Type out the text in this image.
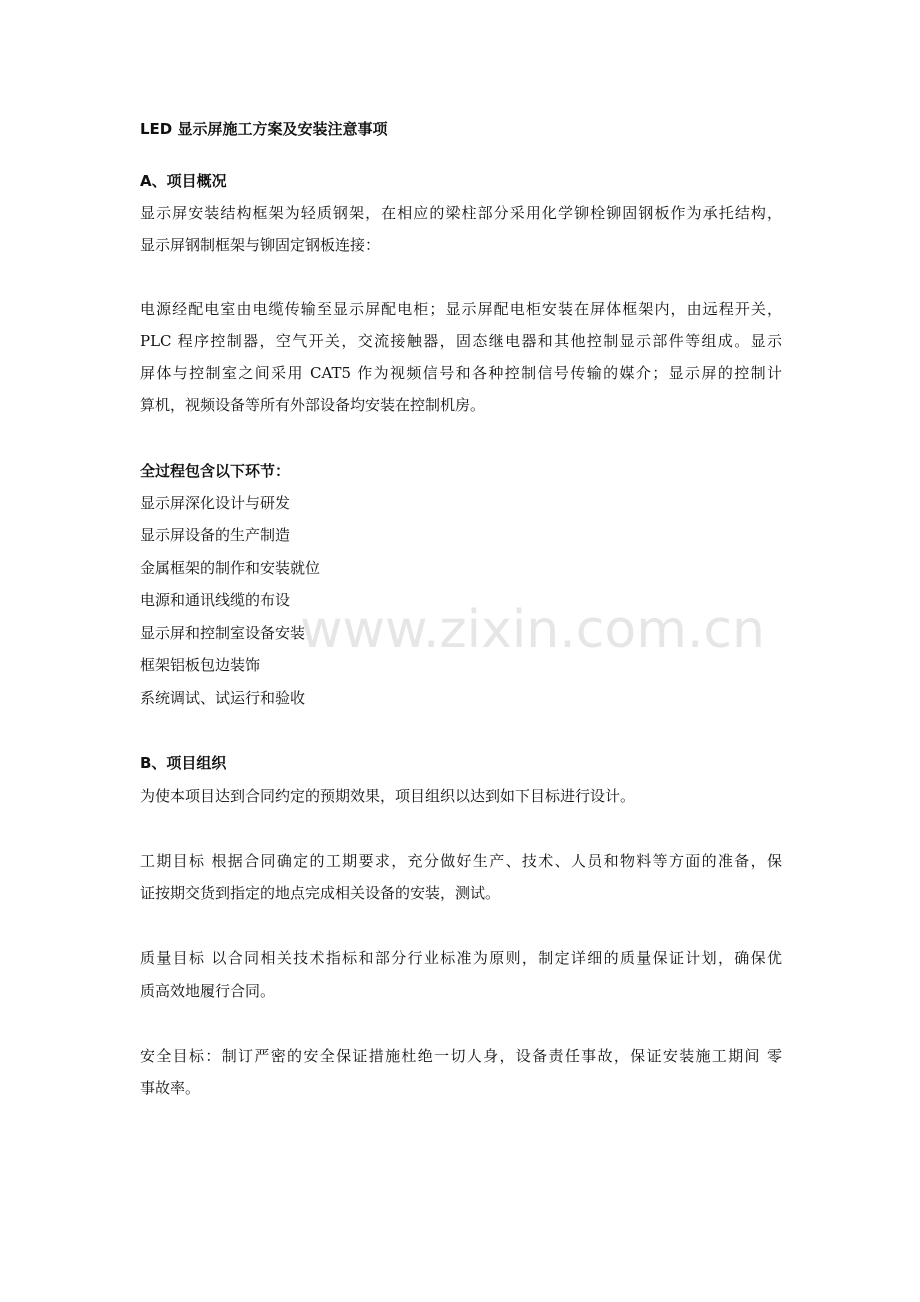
www.zixin.com.cn
LED 显示屏施工方案及安装注意事项
A、项目概况
显示屏安装结构框架为轻质钢架，在相应的梁柱部分采用化学铆栓铆固钢板作为承托结构，
显示屏钢制框架与铆固定钢板连接：
电源经配电室由电缆传输至显示屏配电柜；显示屏配电柜安装在屏体框架内，由远程开关，
PLC 程序控制器，空气开关，交流接触器，固态继电器和其他控制显示部件等组成。显示
屏体与控制室之间采用 CAT5 作为视频信号和各种控制信号传输的媒介；显示屏的控制计
算机，视频设备等所有外部设备均安装在控制机房。
全过程包含以下环节：
显示屏深化设计与研发
显示屏设备的生产制造
金属框架的制作和安装就位
电源和通讯线缆的布设
显示屏和控制室设备安装
框架铝板包边装饰
系统调试、试运行和验收
B、项目组织
为使本项目达到合同约定的预期效果，项目组织以达到如下目标进行设计。
工期目标 根据合同确定的工期要求，充分做好生产、技术、人员和物料等方面的准备，保
证按期交货到指定的地点完成相关设备的安装，测试。
质量目标 以合同相关技术指标和部分行业标准为原则，制定详细的质量保证计划，确保优
质高效地履行合同。
安全目标：制订严密的安全保证措施杜绝一切人身，设备责任事故，保证安装施工期间 零
事故率。
